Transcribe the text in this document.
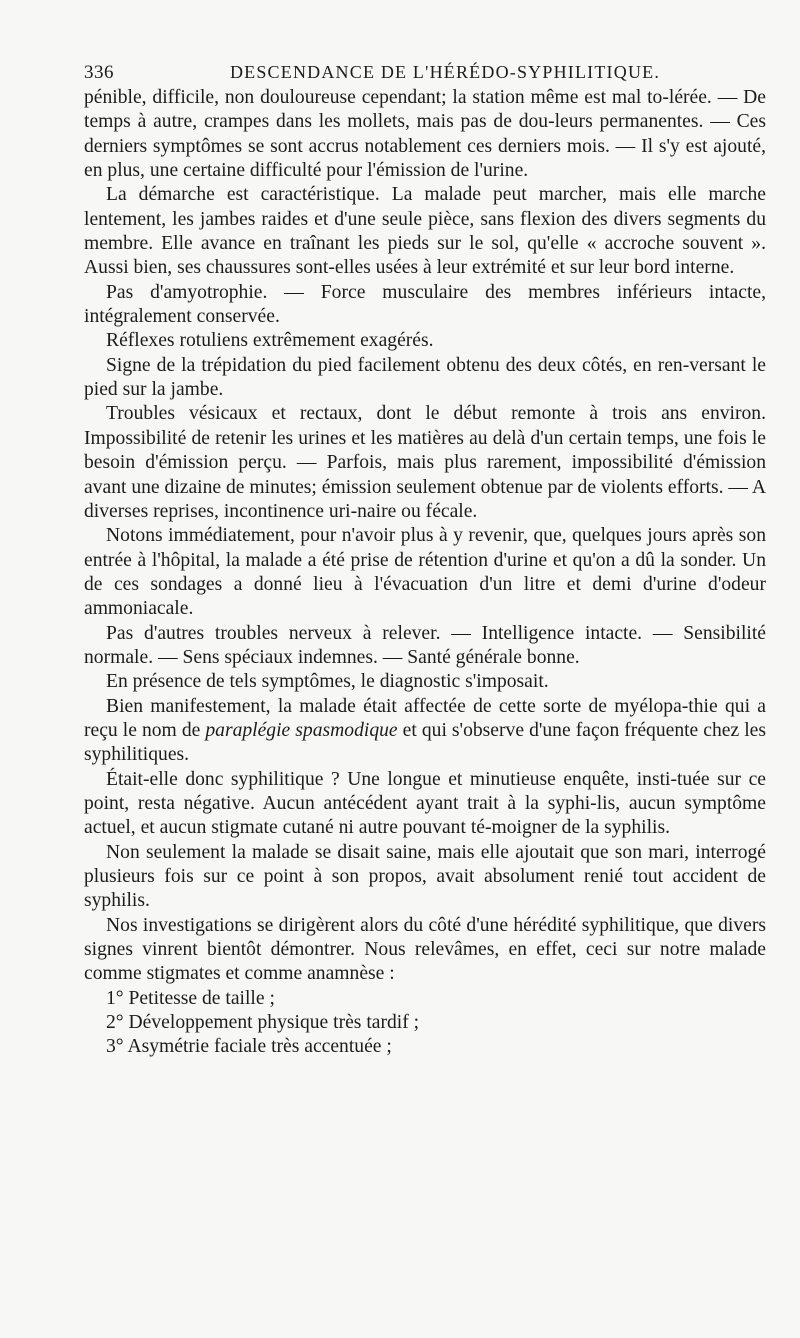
336	DESCENDANCE DE L'HÉRÉDO-SYPHILITIQUE.

pénible, difficile, non douloureuse cependant; la station même est mal to-lérée. — De temps à autre, crampes dans les mollets, mais pas de dou-leurs permanentes. — Ces derniers symptômes se sont accrus notablement ces derniers mois. — Il s'y est ajouté, en plus, une certaine difficulté pour l'émission de l'urine.

La démarche est caractéristique. La malade peut marcher, mais elle marche lentement, les jambes raides et d'une seule pièce, sans flexion des divers segments du membre. Elle avance en traînant les pieds sur le sol, qu'elle « accroche souvent ». Aussi bien, ses chaussures sont-elles usées à leur extrémité et sur leur bord interne.

Pas d'amyotrophie. — Force musculaire des membres inférieurs intacte, intégralement conservée.

Réflexes rotuliens extrêmement exagérés.

Signe de la trépidation du pied facilement obtenu des deux côtés, en ren-versant le pied sur la jambe.

Troubles vésicaux et rectaux, dont le début remonte à trois ans environ. Impossibilité de retenir les urines et les matières au delà d'un certain temps, une fois le besoin d'émission perçu. — Parfois, mais plus rarement, impossibilité d'émission avant une dizaine de minutes; émission seulement obtenue par de violents efforts. — A diverses reprises, incontinence uri-naire ou fécale.

Notons immédiatement, pour n'avoir plus à y revenir, que, quelques jours après son entrée à l'hôpital, la malade a été prise de rétention d'urine et qu'on a dû la sonder. Un de ces sondages a donné lieu à l'évacuation d'un litre et demi d'urine d'odeur ammoniacale.

Pas d'autres troubles nerveux à relever. — Intelligence intacte. — Sensibilité normale. — Sens spéciaux indemnes. — Santé générale bonne.

En présence de tels symptômes, le diagnostic s'imposait.

Bien manifestement, la malade était affectée de cette sorte de myélopa-thie qui a reçu le nom de paraplégie spasmodique et qui s'observe d'une façon fréquente chez les syphilitiques.

Était-elle donc syphilitique ? Une longue et minutieuse enquête, insti-tuée sur ce point, resta négative. Aucun antécédent ayant trait à la syphi-lis, aucun symptôme actuel, et aucun stigmate cutané ni autre pouvant té-moigner de la syphilis.

Non seulement la malade se disait saine, mais elle ajoutait que son mari, interrogé plusieurs fois sur ce point à son propos, avait absolument renié tout accident de syphilis.

Nos investigations se dirigèrent alors du côté d'une hérédité syphilitique, que divers signes vinrent bientôt démontrer. Nous relevâmes, en effet, ceci sur notre malade comme stigmates et comme anamnèse :

1° Petitesse de taille ;

2° Développement physique très tardif ;

3° Asymétrie faciale très accentuée ;
